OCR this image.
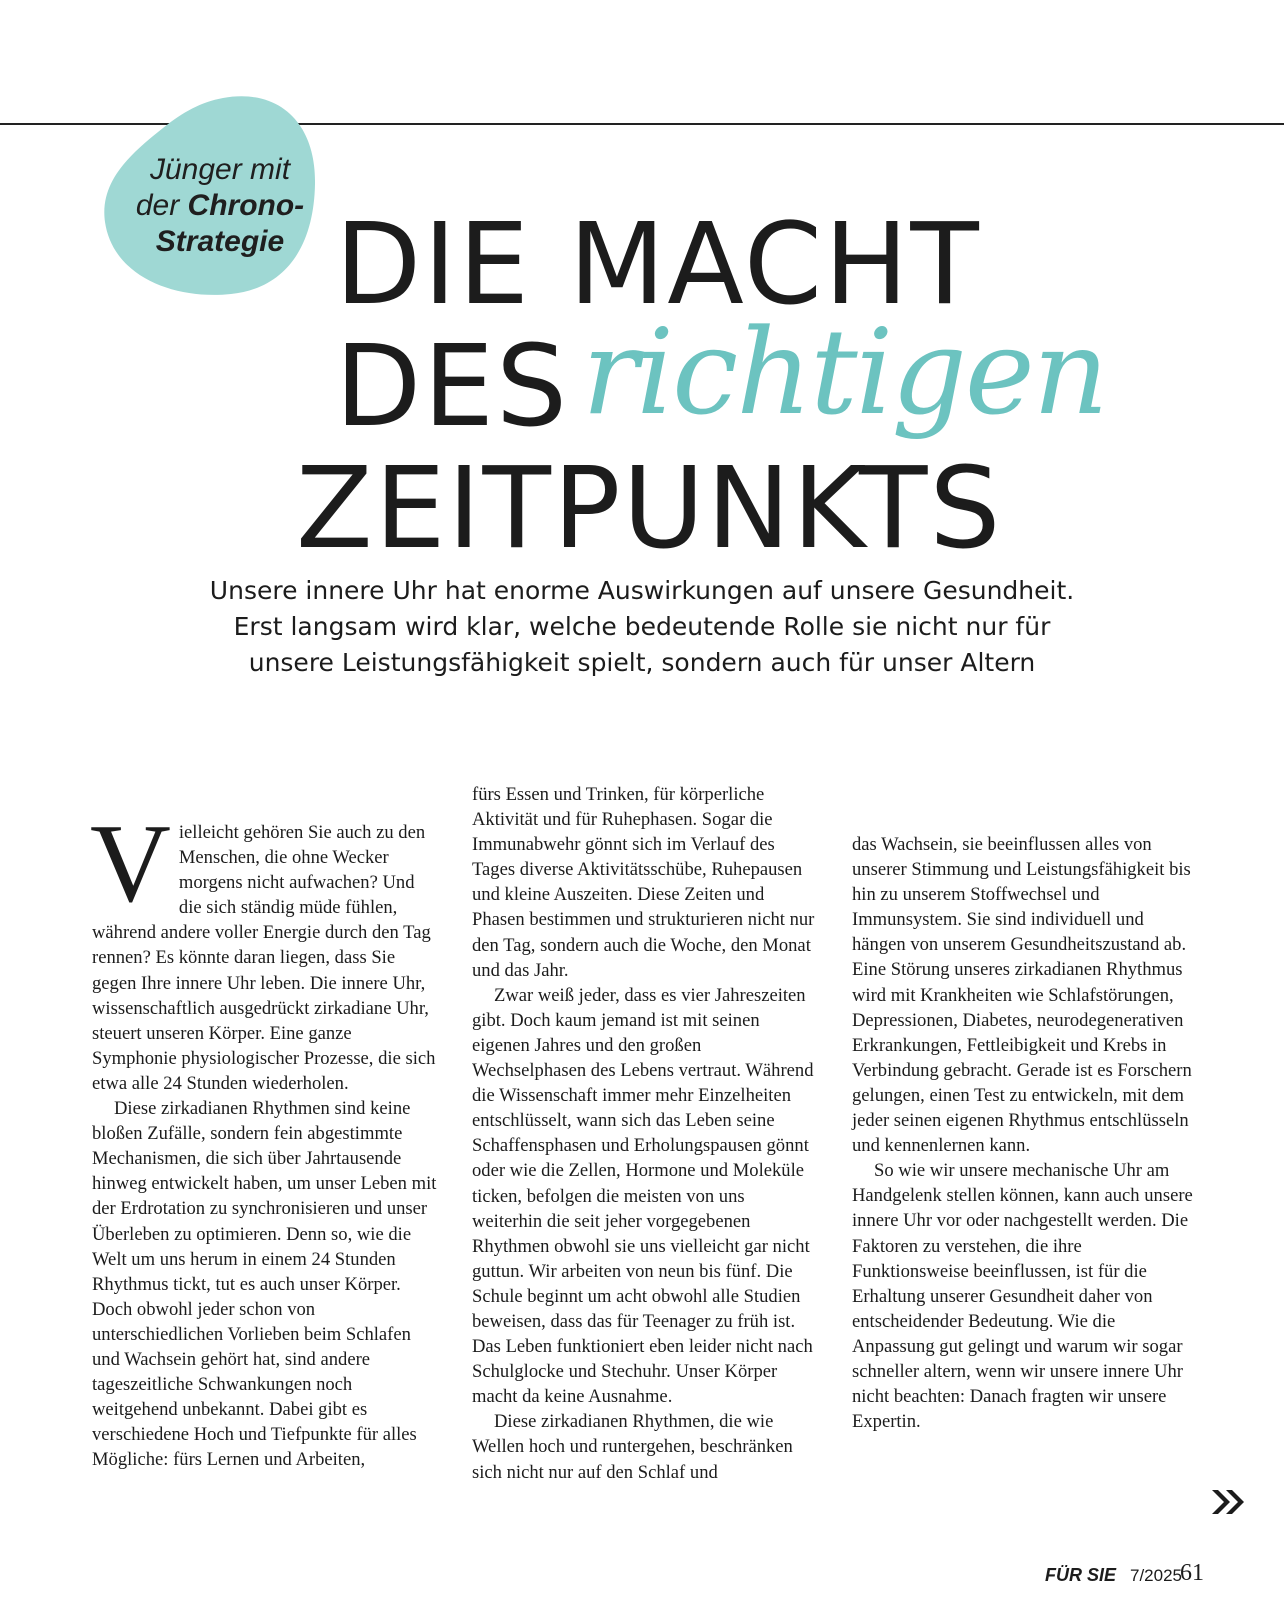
Jünger mit
der Chrono-
Strategie DIE MACHT
DES richtigen
ZEITPUNKTS
Unsere innere Uhr hat enorme Auswirkungen auf unsere Gesundheit. Erst langsam wird klar, welche bedeutende Rolle sie nicht nur für unsere Leistungsfähigkeit spielt, sondern auch für unser Altern

Vielleicht gehören Sie auch zu den Menschen, die ohne Wecker morgens nicht aufwachen? Und die sich ständig müde fühlen, während andere voller Energie durch den Tag rennen? Es könnte daran liegen, dass Sie gegen Ihre innere Uhr leben. Die innere Uhr, wissenschaftlich ausgedrückt zirkadiane Uhr, steuert unseren Körper. Eine ganze Symphonie physiologischer Prozesse, die sich etwa alle 24 Stunden wiederholen.

Diese zirkadianen Rhythmen sind keine bloßen Zufälle, sondern fein abgestimmte Mechanismen, die sich über Jahrtausende hinweg entwickelt haben, um unser Leben mit der Erdrotation zu synchronisieren und unser Überleben zu optimieren. Denn so, wie die Welt um uns herum in einem 24 Stunden Rhythmus tickt, tut es auch unser Körper. Doch obwohl jeder schon von unterschiedlichen Vorlieben beim Schlafen und Wachsein gehört hat, sind andere tageszeitliche Schwankungen noch weitgehend unbekannt. Dabei gibt es verschiedene Hoch und Tiefpunkte für alles Mögliche: fürs Lernen und Arbeiten,

fürs Essen und Trinken, für körperliche Aktivität und für Ruhephasen. Sogar die Immunabwehr gönnt sich im Verlauf des Tages diverse Aktivitätsschübe, Ruhepausen und kleine Auszeiten. Diese Zeiten und Phasen bestimmen und strukturieren nicht nur den Tag, sondern auch die Woche, den Monat und das Jahr.

Zwar weiß jeder, dass es vier Jahreszeiten gibt. Doch kaum jemand ist mit seinen eigenen Jahres und den großen Wechselphasen des Lebens vertraut. Während die Wissenschaft immer mehr Einzelheiten entschlüsselt, wann sich das Leben seine Schaffensphasen und Erholungspausen gönnt oder wie die Zellen, Hormone und Moleküle ticken, befolgen die meisten von uns weiterhin die seit jeher vorgegebenen Rhythmen obwohl sie uns vielleicht gar nicht guttun. Wir arbeiten von neun bis fünf. Die Schule beginnt um acht obwohl alle Studien beweisen, dass das für Teenager zu früh ist. Das Leben funktioniert eben leider nicht nach Schulglocke und Stechuhr. Unser Körper macht da keine Ausnahme.

Diese zirkadianen Rhythmen, die wie Wellen hoch und runtergehen, beschränken sich nicht nur auf den Schlaf und

das Wachsein, sie beeinflussen alles von unserer Stimmung und Leistungsfähigkeit bis hin zu unserem Stoffwechsel und Immunsystem. Sie sind individuell und hängen von unserem Gesundheitszustand ab. Eine Störung unseres zirkadianen Rhythmus wird mit Krankheiten wie Schlafstörungen, Depressionen, Diabetes, neurodegenerativen Erkrankungen, Fettleibigkeit und Krebs in Verbindung gebracht. Gerade ist es Forschern gelungen, einen Test zu entwickeln, mit dem jeder seinen eigenen Rhythmus entschlüsseln und kennenlernen kann.

So wie wir unsere mechanische Uhr am Handgelenk stellen können, kann auch unsere innere Uhr vor oder nachgestellt werden. Die Faktoren zu verstehen, die ihre Funktionsweise beeinflussen, ist für die Erhaltung unserer Gesundheit daher von entscheidender Bedeutung. Wie die Anpassung gut gelingt und warum wir sogar schneller altern, wenn wir unsere innere Uhr nicht beachten: Danach fragten wir unsere Expertin.

FÜR SIE 7/2025
61
